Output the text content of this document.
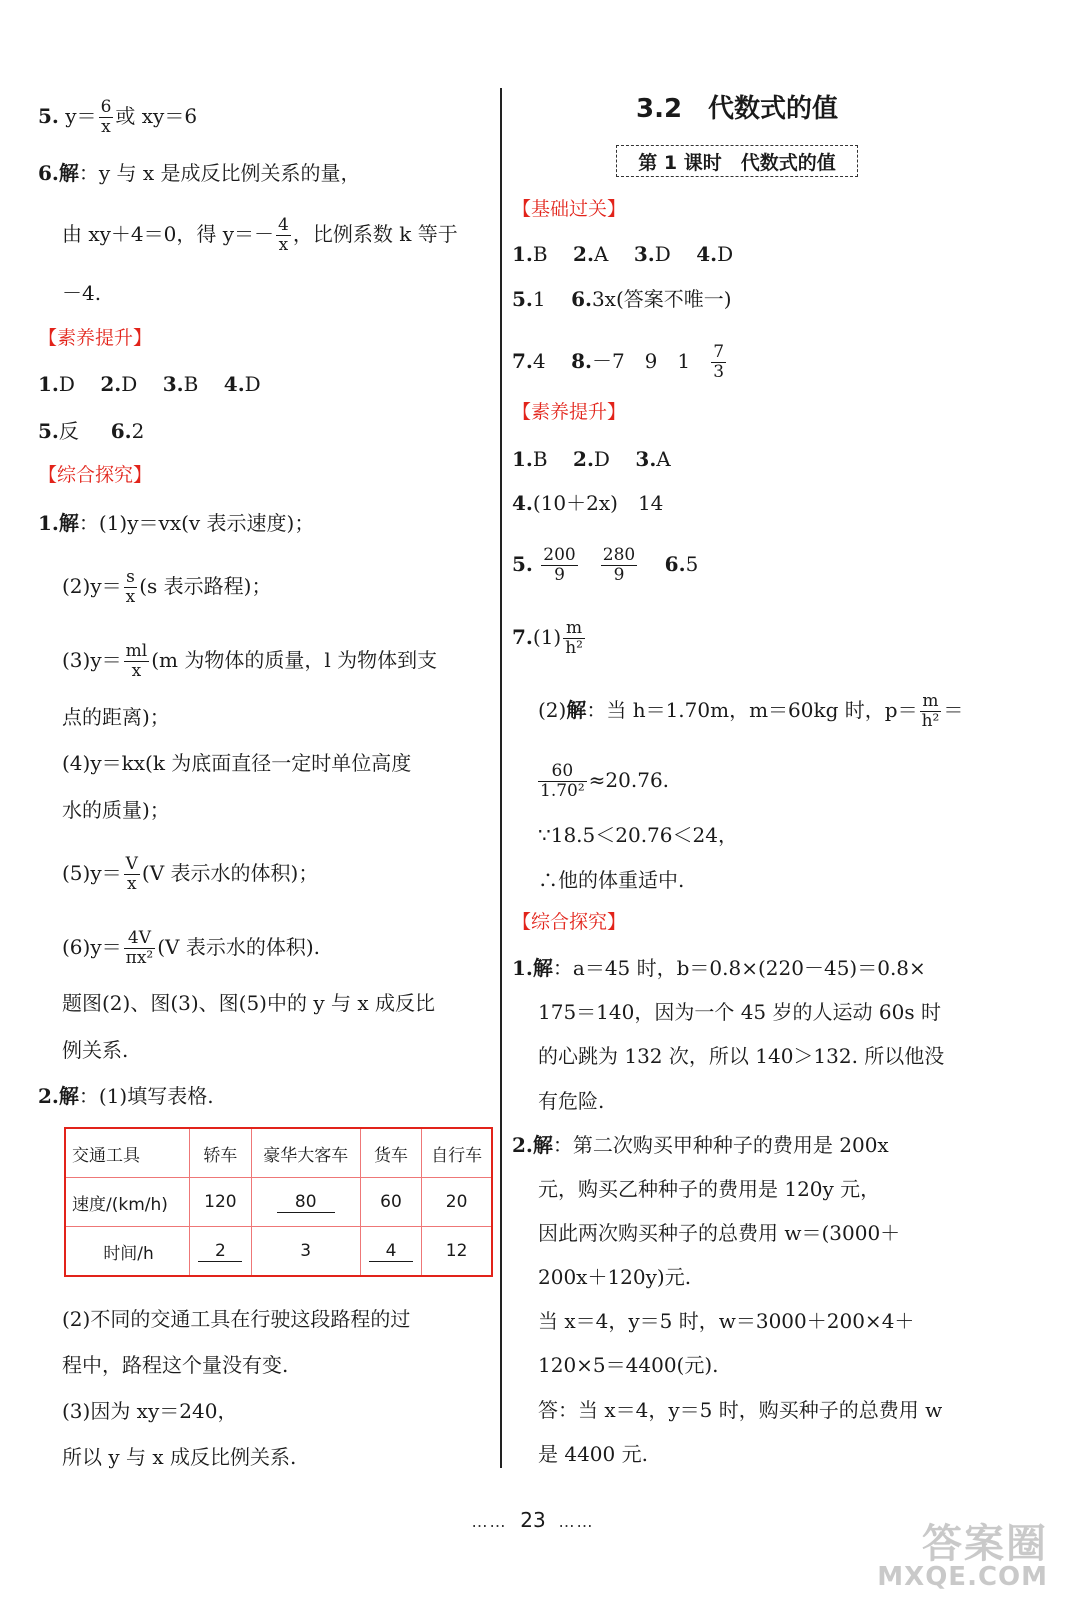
5. $y= \frac{6}{x}$ 或 xy＝6
6.解：y 与 x 是成反比例关系的量，
由 xy＋4＝0，得 $y=- \frac{4}{x}$ ，比例系数 k 等于
－4.
【素养提升】
1.D 2.D 3.B 4.D
5.反 6.2
【综合探究】
1.解：(1)y＝vx(v 表示速度)；
$(2)y= \frac{s}{x} (s$ 表示路程)；
$(3)y= \frac{ml}{x} (m$ 为物体的质量，l 为物体到支
点的距离)；
(4)y＝kx(k 为底面直径一定时单位高度
水的质量)；
$(5)y= \frac{V}{x} (V$ 表示水的体积)；
$(6)y= \frac{4V}{\text{πx²}} (V$ 表示水的体积).
题图(2)、图(3)、图(5)中的 y 与 x 成反比
例关系.
2.解：(1)填写表格.
交通工具	轿车	豪华大客车	货车	自行车
速度/(km/h)	120	80	60	20
时间/h	2	3	4	12
(2)不同的交通工具在行驶这段路程的过
程中，路程这个量没有变.
(3)因为 xy＝240，
所以 y 与 x 成反比例关系.
3.2　代数式的值
第 1 课时　代数式的值
【基础过关】
1.B 2.A 3.D 4.D
5.1 6.3x(答案不唯一)
7.4 8.－7　9　$1 \frac{7}{3}$
【素养提升】
1.B 2.D 3.A
4.(10＋2x)　14
5. $\frac{200}{9}$
$\frac{280}{9} 6.5$
$7.(1) \frac{m}{\text{h²}}$
(2)解：当 h＝1.70m，m＝60kg 时，$p= \frac{m}{\text{h²}}$ ＝
$\frac{60}{\text{1.70²}} \approx 20.76$.
∵18.5＜20.76＜24，
∴他的体重适中.
【综合探究】
1.解：a＝45 时，b＝0.8×(220－45)＝0.8×
175＝140，因为一个 45 岁的人运动 60s 时
的心跳为 132 次，所以 140＞132. 所以他没
有危险.
2.解：第二次购买甲种种子的费用是 200x
元，购买乙种种子的费用是 120y 元，
因此两次购买种子的总费用 w＝(3000＋
200x＋120y)元.
当 x＝4，y＝5 时，w＝3000＋200×4＋
120×5＝4400(元).
答：当 x＝4，y＝5 时，购买种子的总费用 w
是 4400 元.
…… 23 ……	答案圈
MXQE.COM
